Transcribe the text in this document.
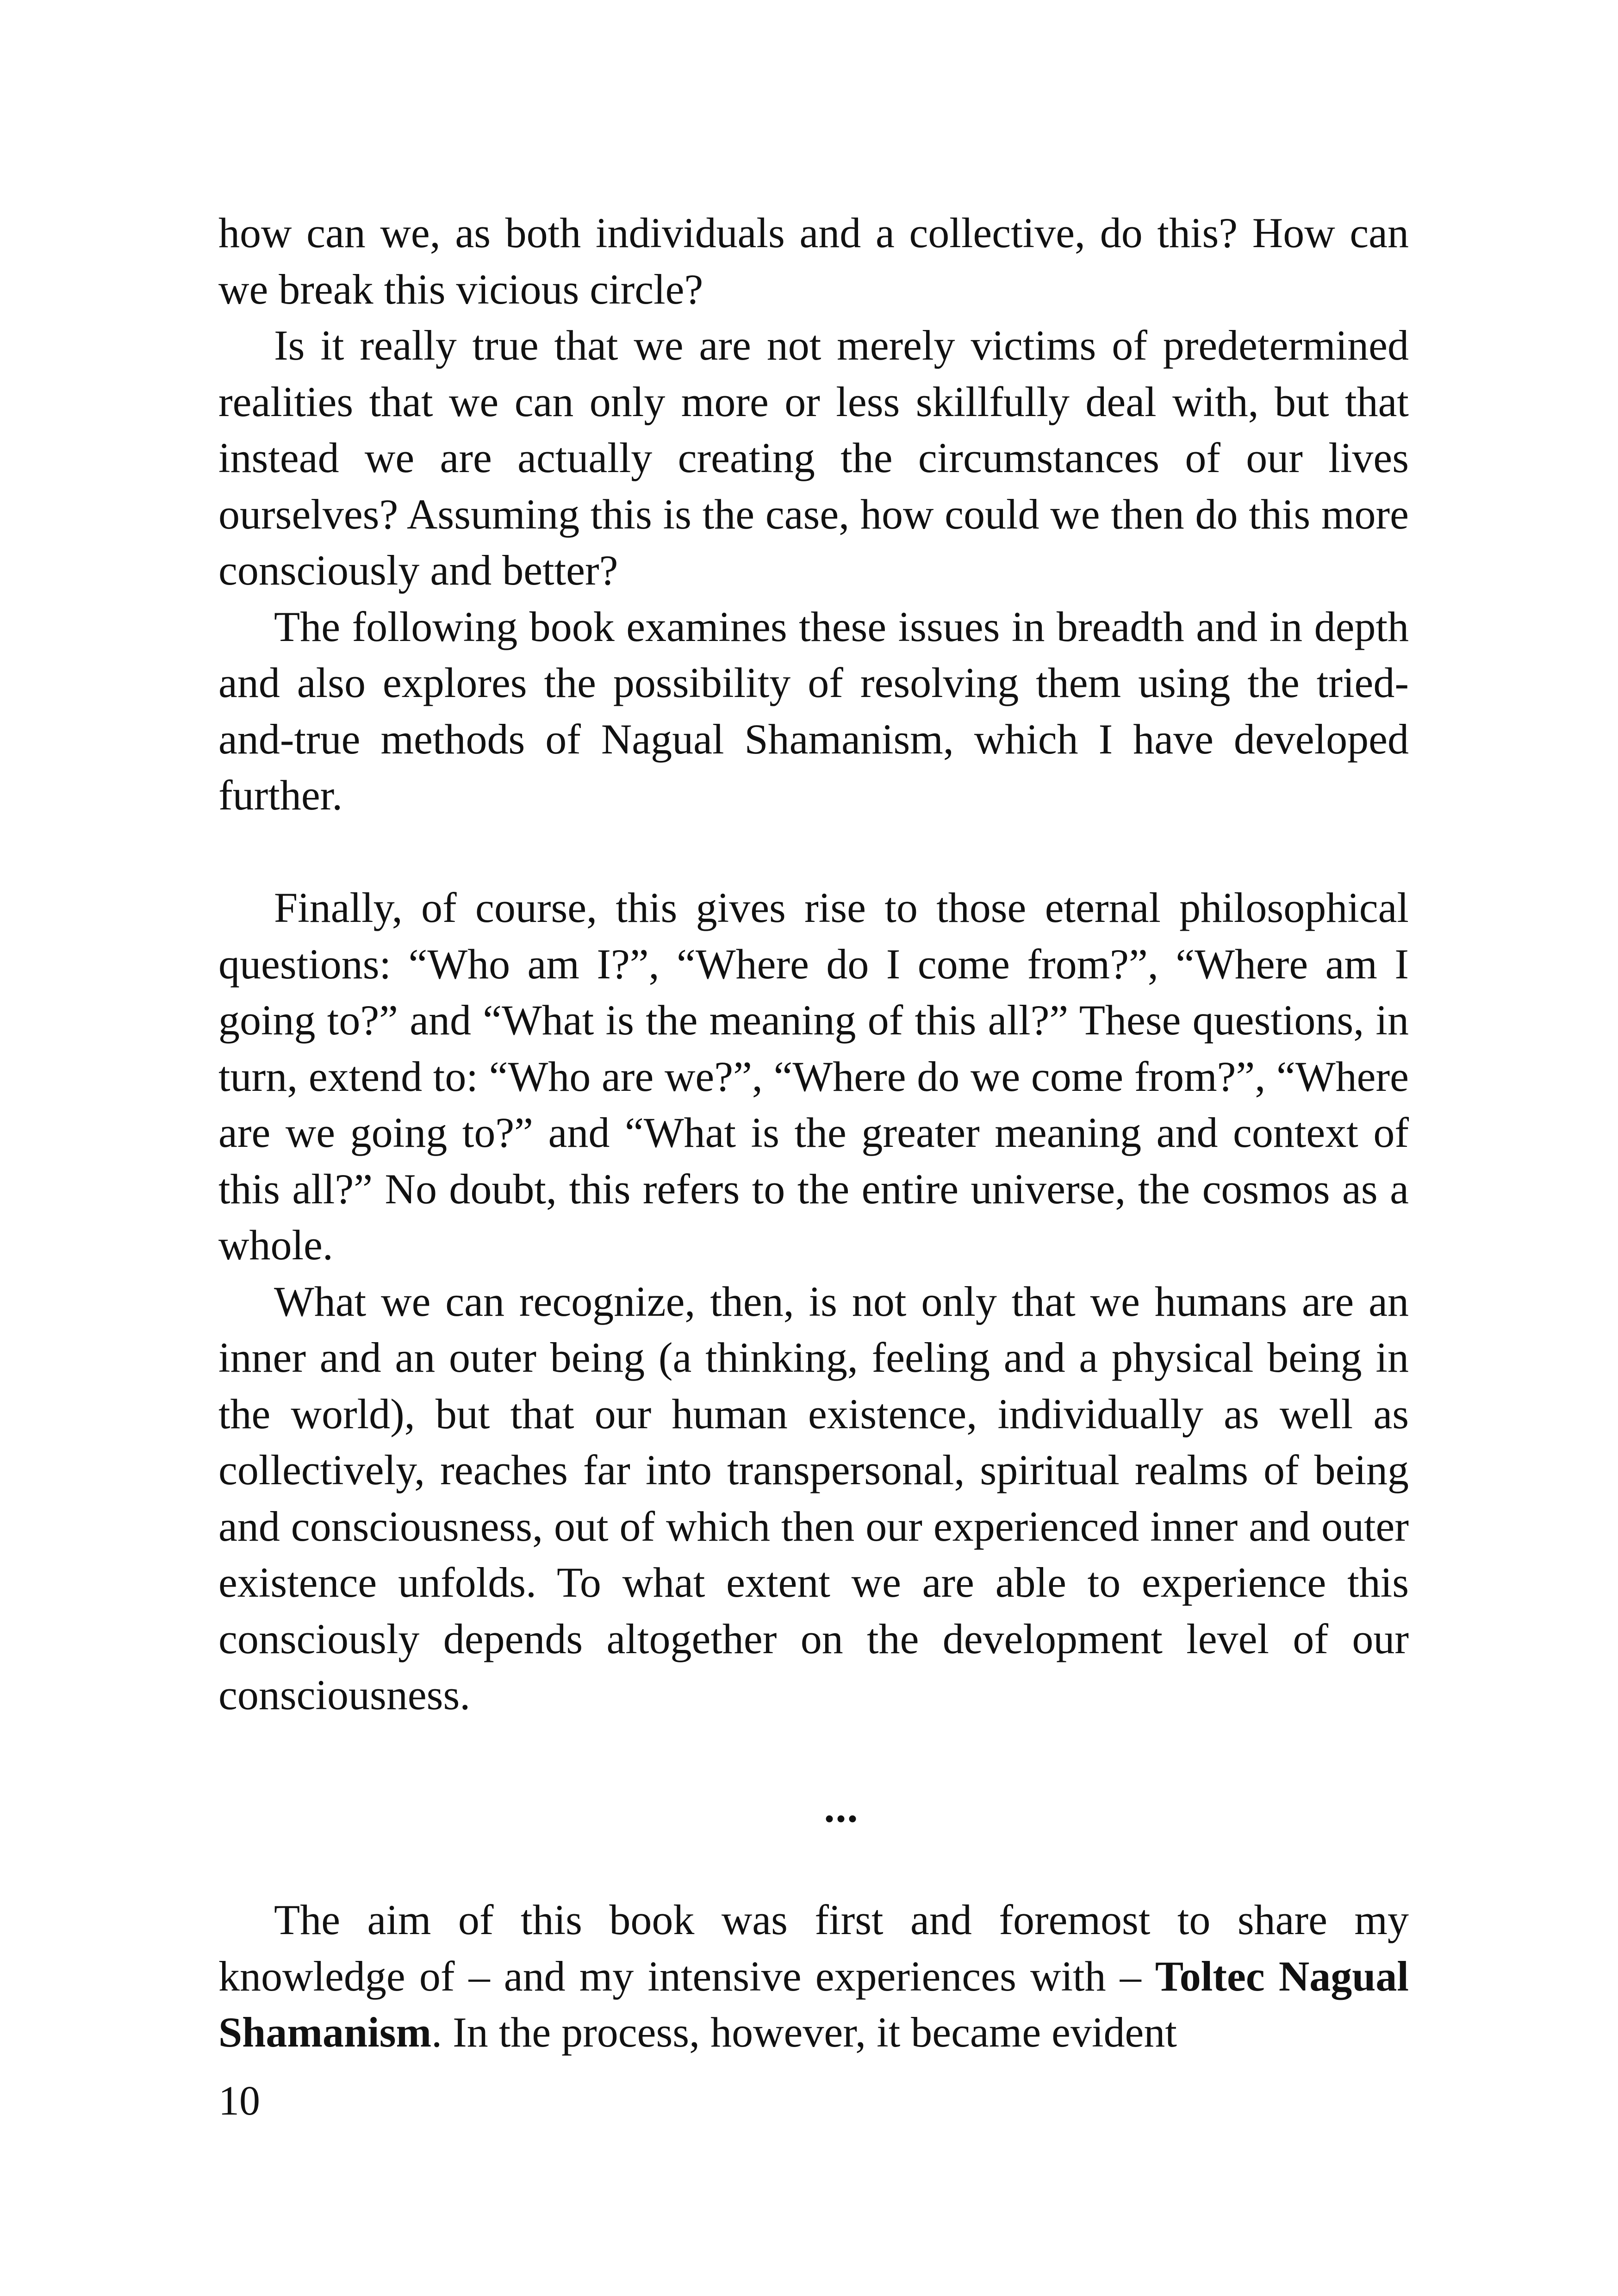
how can we, as both individuals and a collective, do this? How can we break this vicious circle?

Is it really true that we are not merely victims of predetermined realities that we can only more or less skillfully deal with, but that instead we are actually creating the circumstances of our lives ourselves? Assuming this is the case, how could we then do this more consciously and better?

The following book examines these issues in breadth and in depth and also explores the possibility of resolving them using the tried-and-true methods of Nagual Shamanism, which I have developed further.

Finally, of course, this gives rise to those eternal philosophical questions: “Who am I?”, “Where do I come from?”, “Where am I going to?” and “What is the meaning of this all?” These questions, in turn, extend to: “Who are we?”, “Where do we come from?”, “Where are we going to?” and “What is the greater meaning and context of this all?” No doubt, this refers to the entire universe, the cosmos as a whole.

What we can recognize, then, is not only that we humans are an inner and an outer being (a thinking, feeling and a physical being in the world), but that our human existence, individually as well as collectively, reaches far into transpersonal, spiritual realms of being and consciousness, out of which then our experienced inner and outer existence unfolds. To what extent we are able to experience this consciously depends altogether on the development level of our consciousness.

...

The aim of this book was first and foremost to share my knowledge of – and my intensive experiences with – Toltec Nagual Shamanism. In the process, however, it became evident

10
